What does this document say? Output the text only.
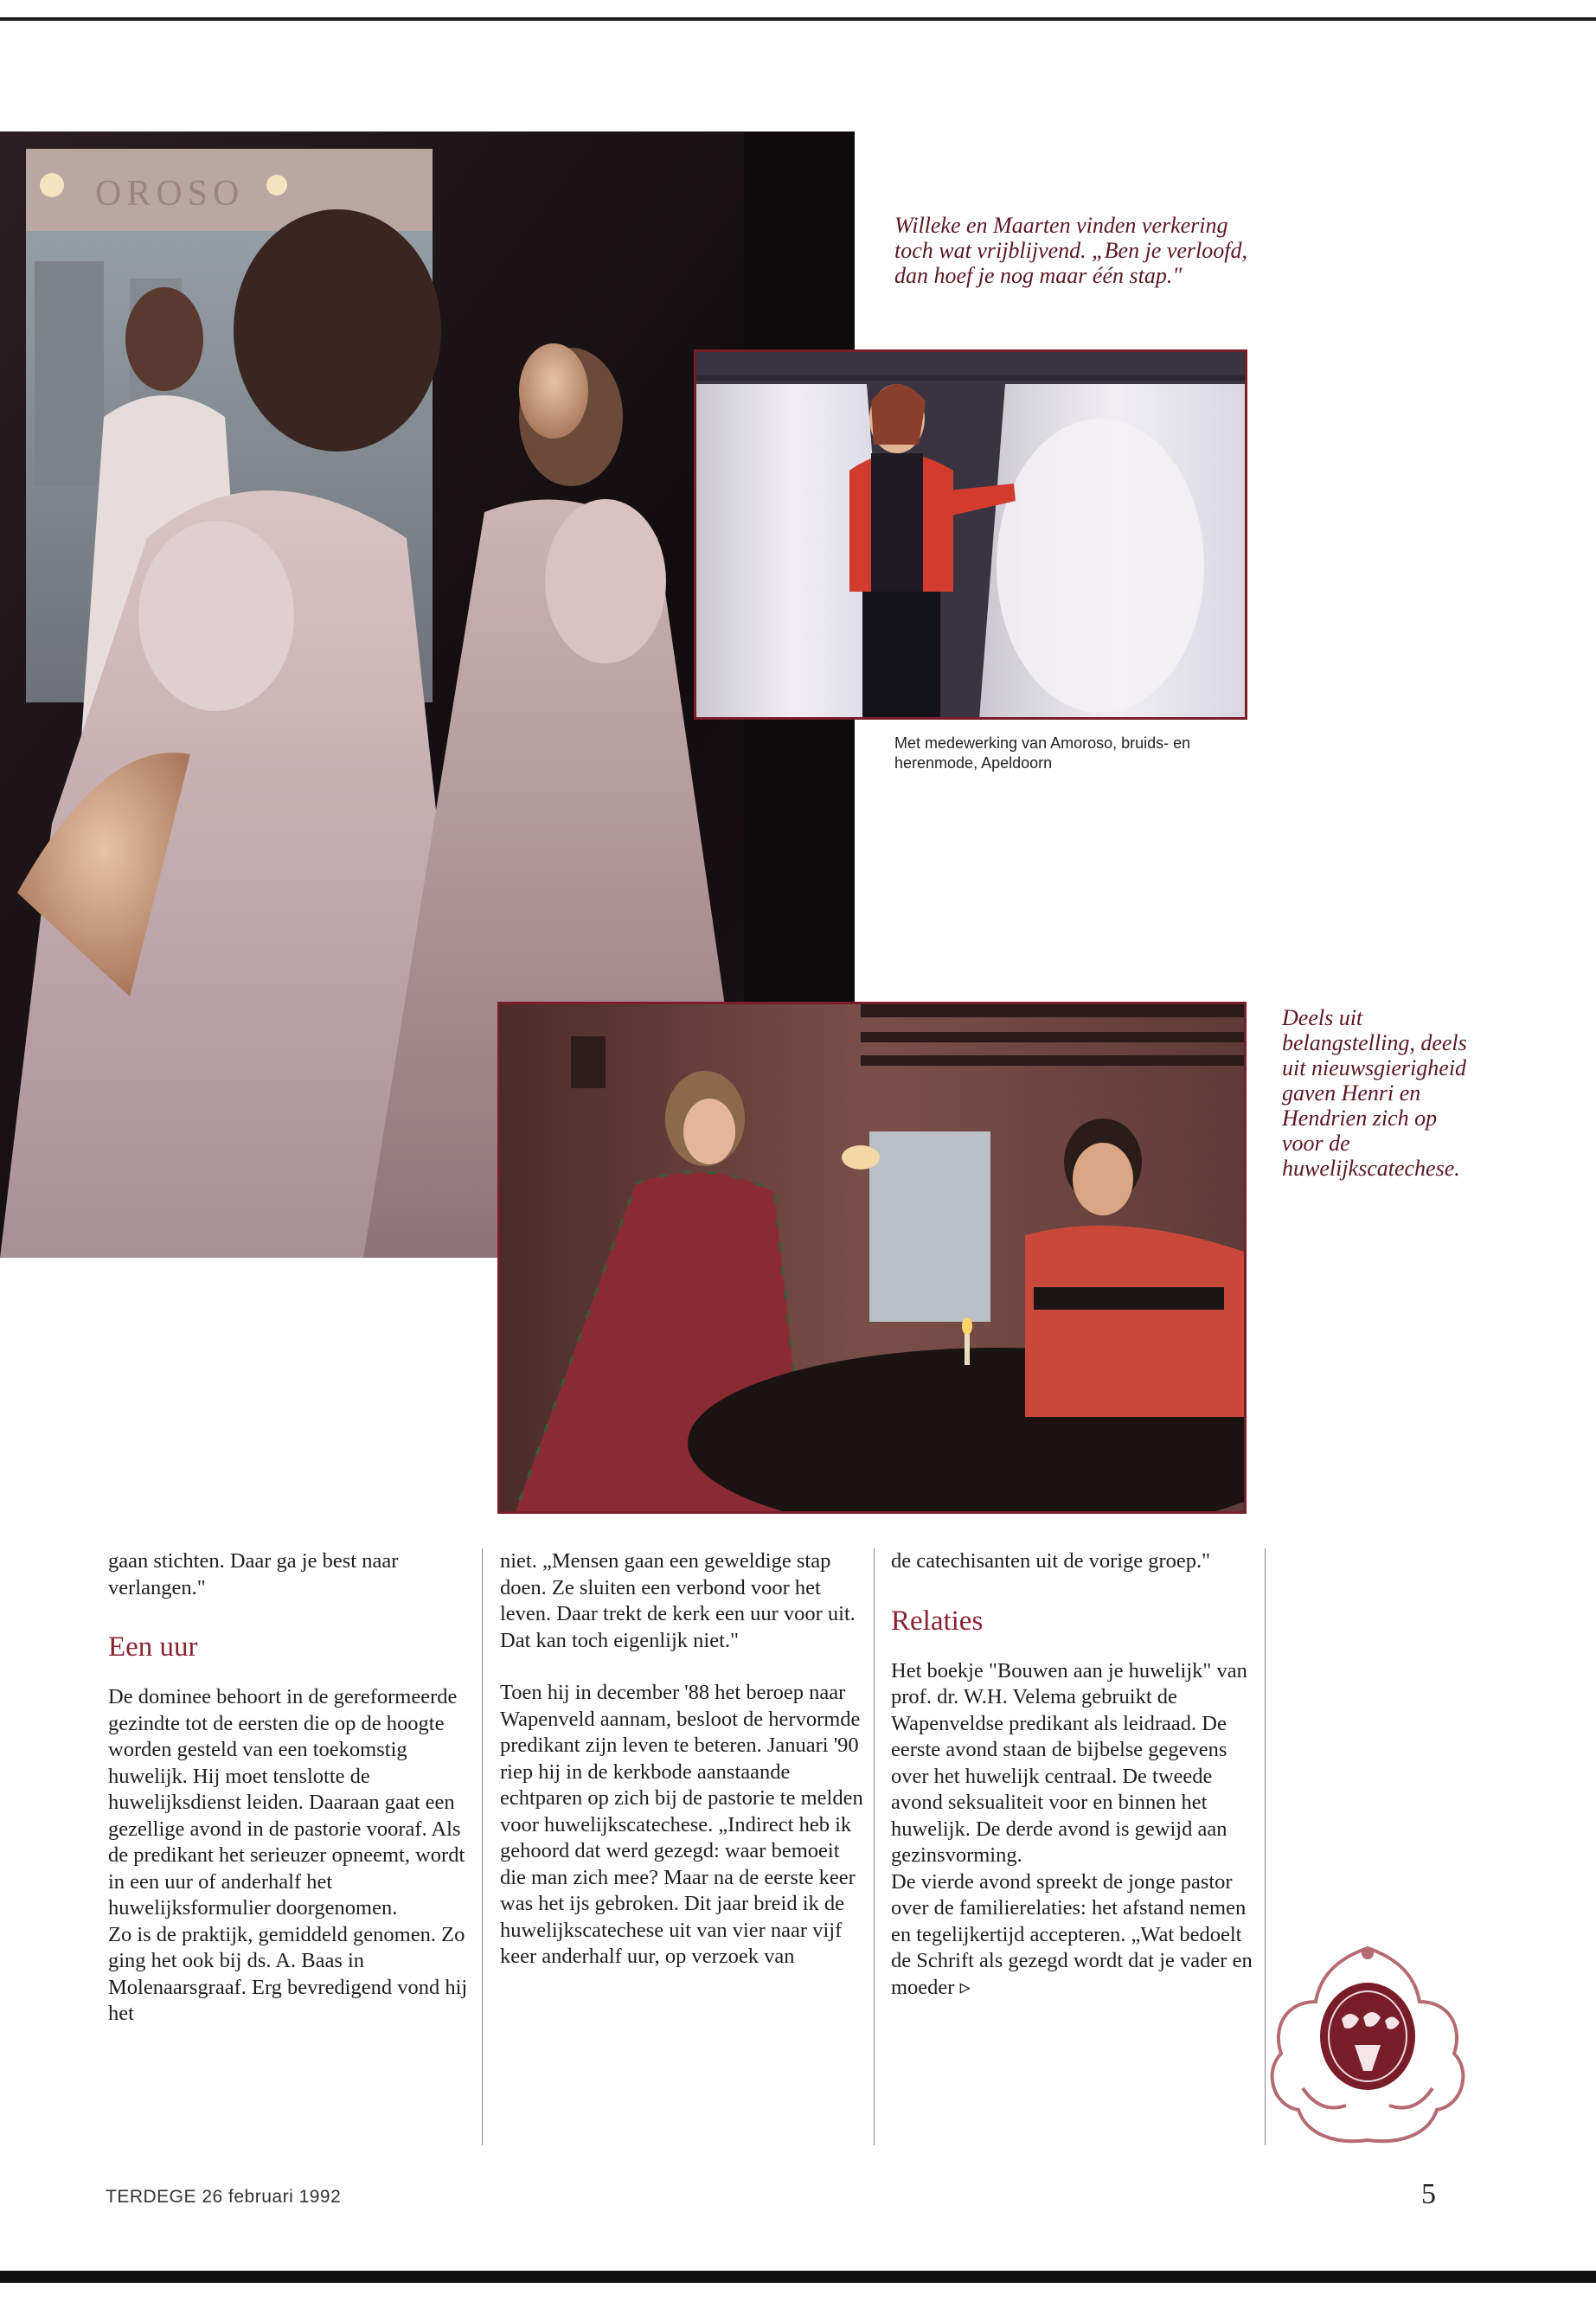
OROSO
Willeke en Maarten vinden verkering toch wat vrijblijvend. „Ben je verloofd, dan hoef je nog maar één stap."
Met medewerking van Amoroso, bruids- en herenmode, Apeldoorn
Deels uit belangstelling, deels uit nieuwsgierigheid gaven Henri en Hendrien zich op voor de huwelijkscatechese.

gaan stichten. Daar ga je best naar verlangen."

Een uur

De dominee behoort in de gereformeerde gezindte tot de eersten die op de hoogte worden gesteld van een toekomstig huwelijk. Hij moet tenslotte de huwelijksdienst leiden. Daaraan gaat een gezellige avond in de pastorie vooraf. Als de predikant het serieuzer opneemt, wordt in een uur of anderhalf het huwelijksformulier doorgenomen.

Zo is de praktijk, gemiddeld genomen. Zo ging het ook bij ds. A. Baas in Molenaarsgraaf. Erg bevredigend vond hij het

niet. „Mensen gaan een geweldige stap doen. Ze sluiten een verbond voor het leven. Daar trekt de kerk een uur voor uit. Dat kan toch eigenlijk niet."

Toen hij in december '88 het beroep naar Wapenveld aannam, besloot de hervormde predikant zijn leven te beteren. Januari '90 riep hij in de kerkbode aanstaande echtparen op zich bij de pastorie te melden voor huwelijkscatechese. „Indirect heb ik gehoord dat werd gezegd: waar bemoeit die man zich mee? Maar na de eerste keer was het ijs gebroken. Dit jaar breid ik de huwelijkscatechese uit van vier naar vijf keer anderhalf uur, op verzoek van

de catechisanten uit de vorige groep."

Relaties

Het boekje "Bouwen aan je huwelijk" van prof. dr. W.H. Velema gebruikt de Wapenveldse predikant als leidraad. De eerste avond staan de bijbelse gegevens over het huwelijk centraal. De tweede avond seksualiteit voor en binnen het huwelijk. De derde avond is gewijd aan gezinsvorming.

De vierde avond spreekt de jonge pastor over de familierelaties: het afstand nemen en tegelijkertijd accepteren. „Wat bedoelt de Schrift als gezegd wordt dat je vader en moeder ▹

TERDEGE 26 februari 1992	5
